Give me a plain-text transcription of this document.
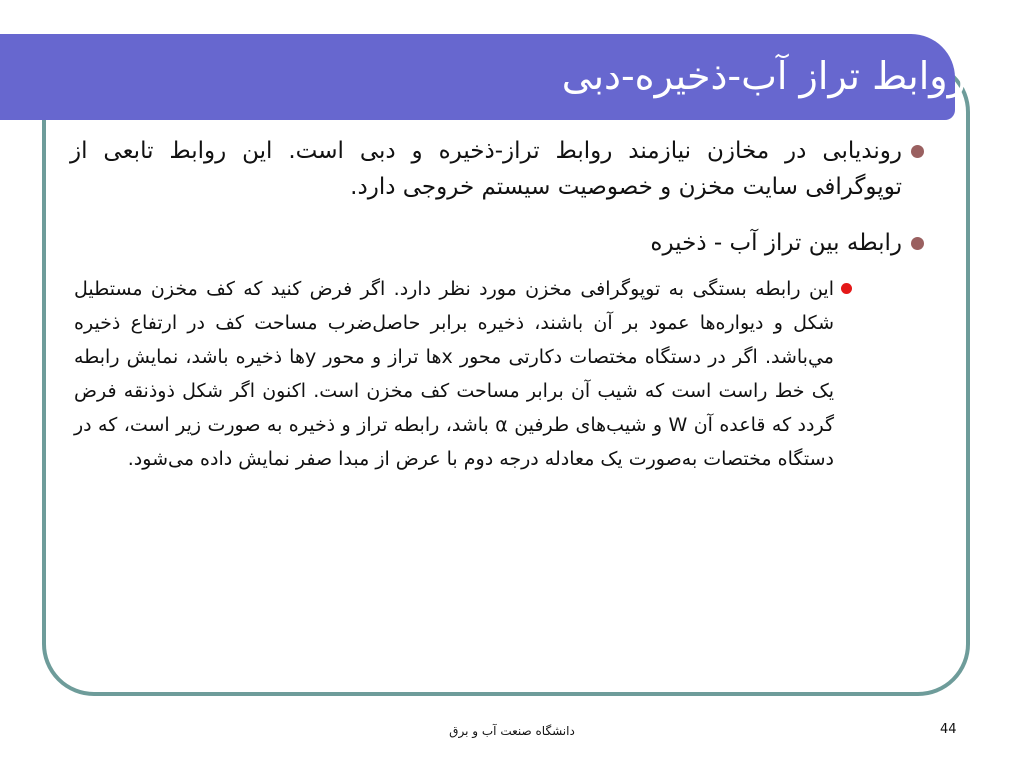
روابط تراز آب-ذخيره-دبی
روندیابی در مخازن نیازمند روابط تراز-ذخیره و دبی است. این روابط تابعی از توپوگرافی سایت مخزن و خصوصیت سیستم خروجی دارد.
رابطه بین تراز آب - ذخیره
این رابطه بستگی به توپوگرافی مخزن مورد نظر دارد. اگر فرض کنید که کف مخزن مستطیل شکل و دیواره‌ها عمود بر آن باشند، ذخیره برابر حاصل‌ضرب مساحت کف در ارتفاع ذخیره مي‌باشد. اگر در دستگاه مختصات دکارتی محور xها تراز و محور yها ذخیره باشد، نمایش رابطه یک خط راست است که شیب آن برابر مساحت کف مخزن است. اکنون اگر شکل ذوذنقه فرض گردد که قاعده آن W و شیب‌های طرفین α باشد، رابطه تراز و ذخیره به صورت زیر است، که در دستگاه مختصات به‌صورت یک معادله درجه دوم با عرض از مبدا صفر نمایش داده می‌شود.
دانشگاه صنعت آب و برق	44
